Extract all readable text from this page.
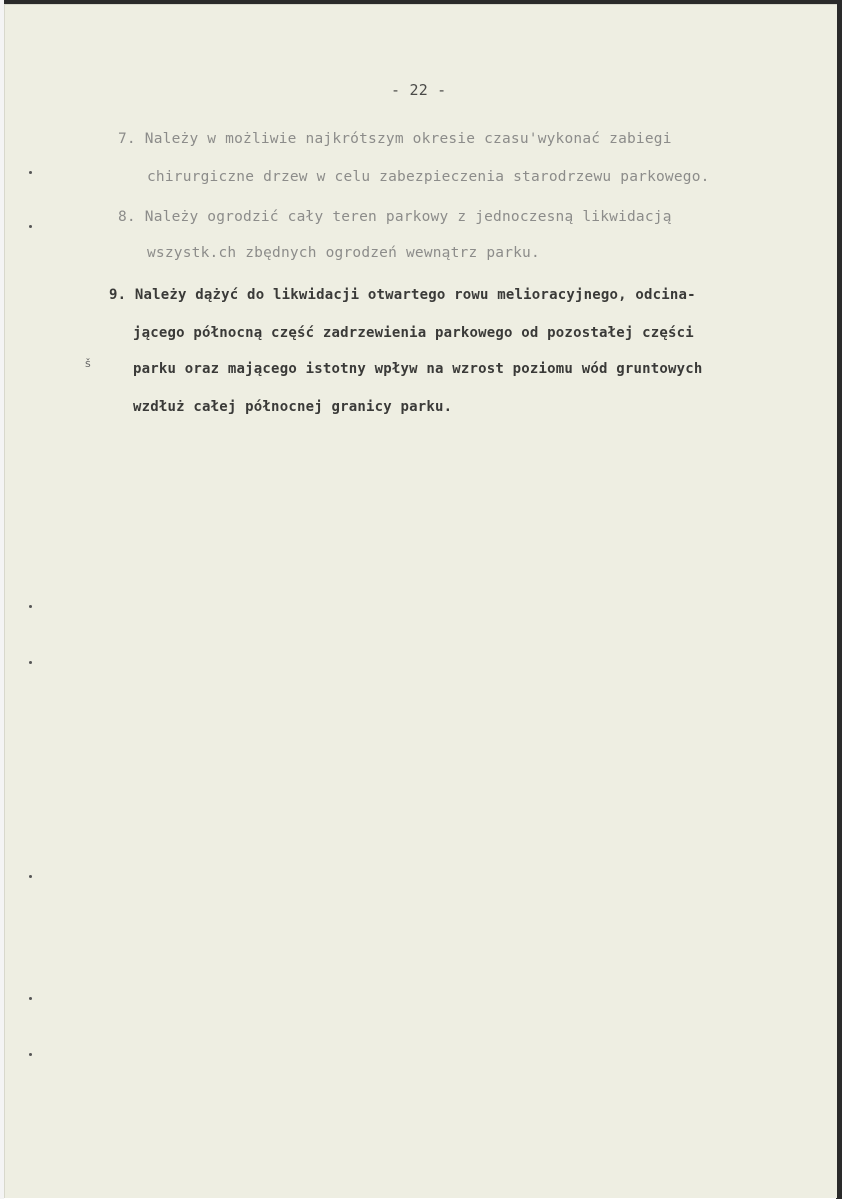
- 22 -
7. Należy w możliwie najkrótszym okresie czasu'wykonać zabiegi
chirurgiczne drzew w celu zabezpieczenia starodrzewu parkowego.
8. Należy ogrodzić cały teren parkowy z jednoczesną likwidacją
wszystk.ch zbędnych ogrodzeń wewnątrz parku.
9. Należy dążyć do likwidacji otwartego rowu melioracyjnego, odcina-
jącego północną część zadrzewienia parkowego od pozostałej części
parku oraz mającego istotny wpływ na wzrost poziomu wód gruntowych
wzdłuż całej północnej granicy parku.
š
